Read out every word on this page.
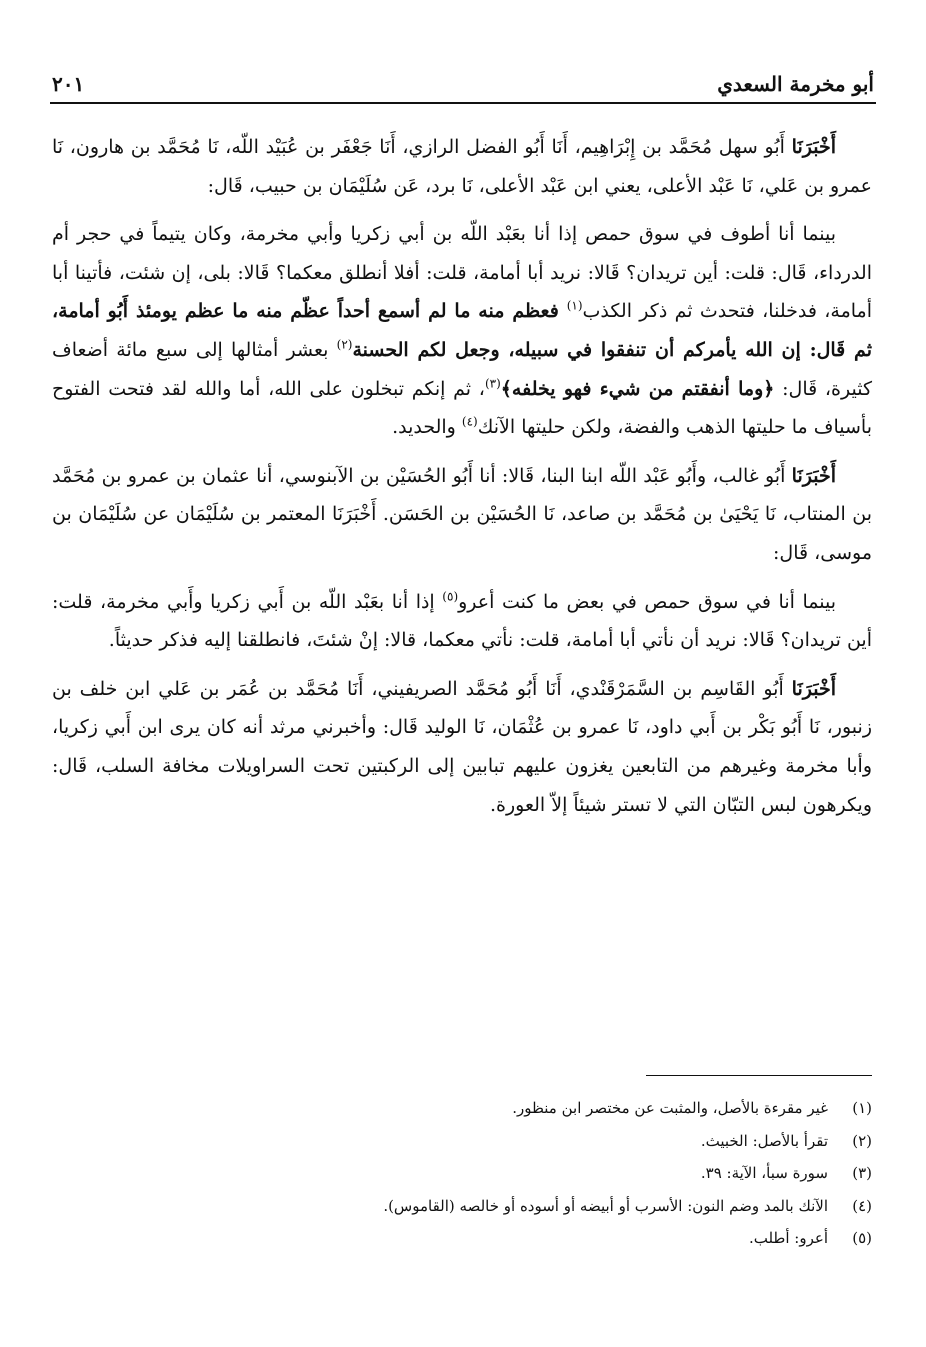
أبو مخرمة السعدي
٢٠١

أَخْبَرَنَا أَبُو سهل مُحَمَّد بن إِبْرَاهِيم، أَنَا أَبُو الفضل الرازي، أَنَا جَعْفَر بن عُبَيْد اللّه، نَا مُحَمَّد بن هارون، نَا عمرو بن عَلي، نَا عَبْد الأعلى، يعني ابن عَبْد الأعلى، نَا برد، عَن سُلَيْمَان بن حبيب، قَال:

بينما أنا أطوف في سوق حمص إذا أنا بعَبْد اللّه بن أبي زكريا وأبي مخرمة، وكان يتيماً في حجر أم الدرداء، قَال: قلت: أين تريدان؟ قَالا: نريد أبا أمامة، قلت: أفلا أنطلق معكما؟ قَالا: بلى، إن شئت، فأتينا أبا أمامة، فدخلنا، فتحدث ثم ذكر الكذب$^{(١)}$ فعظم منه ما لم أسمع أحداً عظّم منه ما عظم يومئذ أَبُو أمامة، ثم قَال: إن الله يأمركم أن تنفقوا في سبيله، وجعل لكم الحسنة$^{(٢)}$ بعشر أمثالها إلى سبع مائة أضعاف كثيرة، قَال: ﴿وما أنفقتم من شيء فهو يخلفه﴾$^{(٣)}$، ثم إنكم تبخلون على الله، أما والله لقد فتحت الفتوح بأسياف ما حليتها الذهب والفضة، ولكن حليتها الآنك$^{(٤)}$ والحديد.

أَخْبَرَنَا أَبُو غالب، وأَبُو عَبْد اللّه ابنا البنا، قَالا: أنا أَبُو الحُسَيْن بن الآبنوسي، أنا عثمان بن عمرو بن مُحَمَّد بن المنتاب، نَا يَحْيَىٰ بن مُحَمَّد بن صاعد، نَا الحُسَيْن بن الحَسَن. أَخْبَرَنَا المعتمر بن سُلَيْمَان عن سُلَيْمَان بن موسى، قَال:

بينما أنا في سوق حمص في بعض ما كنت أعرو$^{(٥)}$ إذا أنا بعَبْد اللّه بن أَبي زكريا وأَبي مخرمة، قلت: أين تريدان؟ قَالا: نريد أن نأتي أبا أمامة، قلت: نأتي معكما، قالا: إنْ شئتَ، فانطلقنا إليه فذكر حديثاً.

أَخْبَرَنَا أَبُو القَاسِم بن السَّمَرْقَنْدي، أَنَا أَبُو مُحَمَّد الصريفيني، أَنَا مُحَمَّد بن عُمَر بن عَلي ابن خلف بن زنبور، نَا أَبُو بَكْر بن أَبي داود، نَا عمرو بن عُثْمَان، نَا الوليد قَال: وأخبرني مرثد أنه كان يرى ابن أَبي زكريا، وأبا مخرمة وغيرهم من التابعين يغزون عليهم تبابين إلى الركبتين تحت السراويلات مخافة السلب، قَال: ويكرهون لبس التبّان التي لا تستر شيئاً إلاّ العورة.

(١)
غير مقرءة بالأصل، والمثبت عن مختصر ابن منظور.
(٢)
تقرأ بالأصل: الخبيث.
(٣)
سورة سبأ، الآية: ٣٩.
(٤)
الآنك بالمد وضم النون: الأسرب أو أبيضه أو أسوده أو خالصه (القاموس).
(٥)
أعرو: أطلب.
